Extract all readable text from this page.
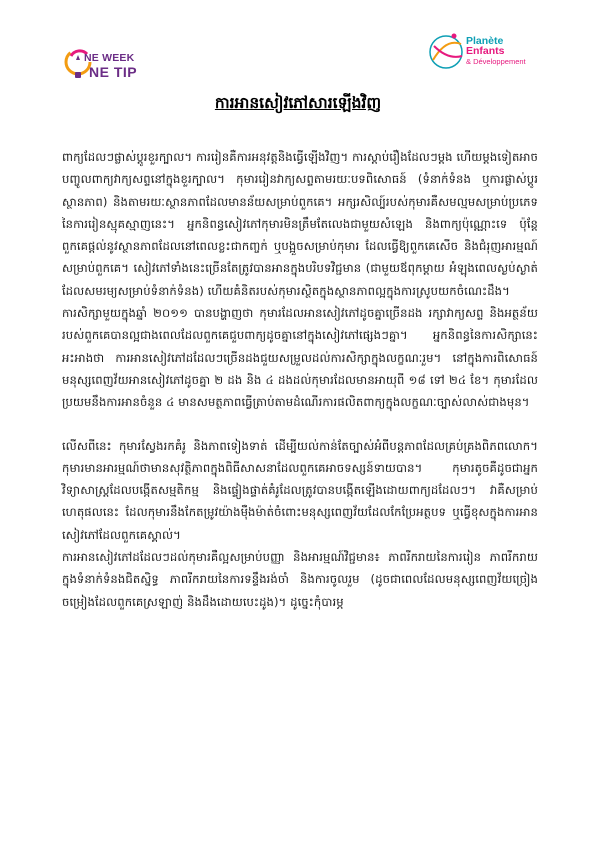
NE WEEK
NE TIP
Planète
Enfants
& Développement
ការអានសៀវភៅសារឡើងវិញ

ពាក្យដែលៗផ្លាស់ប្ដូរខួរក្បាល។ ការរៀនគឺការអនុវត្តនិងធ្វើឡើងវិញ។ ការស្ដាប់រឿងដែលៗម្ដង ហើយម្ដងទៀតអាចបញ្ចូលពាក្យវាក្យសព្ទនៅក្នុងខួរក្បាល។ កុមាររៀនវាក្យសព្ទតាមរយៈបទពិសោធន៍ (ទំនាក់ទំនង ឬការផ្លាស់ប្ដូរស្ថានភាព) និងតាមរយៈស្ថានភាពដែលមានន័យសម្រាប់ពួកគេ។ អក្សរសិល្ប៍របស់កុមារគឺសមល្មមសម្រាប់ប្រភេទនៃការរៀនស្មុគស្មាញនេះ។ អ្នកនិពន្ធសៀវភៅកុមារមិនត្រឹមតែលេងជាមួយសំឡេង និងពាក្យប៉ុណ្ណោះទេ ប៉ុន្តែពួកគេផ្ដល់នូវស្ថានភាពដែលនៅពេលខ្លះជាកញ្ចក់ ឬបង្អួចសម្រាប់កុមារ ដែលធ្វើឱ្យពួកគេសើច និងជំរុញអារម្មណ៍សម្រាប់ពួកគេ។ សៀវភៅទាំងនេះច្រើនតែត្រូវបានអានក្នុងបរិបទវិជ្ជមាន (ជាមួយឪពុកម្ដាយ អំឡុងពេលស្ងប់ស្ងាត់ដែលសមរម្យសម្រាប់ទំនាក់ទំនង) ហើយគំនិតរបស់កុមារស្ថិតក្នុងស្ថានភាពល្អក្នុងការស្រូបយកចំណេះដឹង។

ការសិក្សាមួយក្នុងឆ្នាំ ២០១១ បានបង្ហាញថា កុមារដែលអានសៀវភៅដូចគ្នាច្រើនដង រក្សាវាក្យសព្ទ និងអត្ថន័យរបស់ពួកគេបានល្អជាងពេលដែលពួកគេជួបពាក្យដូចគ្នានៅក្នុងសៀវភៅផ្សេងៗគ្នា។ អ្នកនិពន្ធនៃការសិក្សានេះអះអាងថា ការអានសៀវភៅដដែលៗច្រើនដងជួយសម្រួលដល់ការសិក្សាក្នុងលក្ខណៈរួម។ នៅក្នុងការពិសោធន៍ មនុស្សពេញវ័យអានសៀវភៅដូចគ្នា ២ ដង និង ៤ ដងដល់កុមារដែលមានអាយុពី ១៨ ទៅ ២៤ ខែ។ កុមារដែលប្រយមនឹងការអានចំនួន ៤ មានសមត្ថភាពធ្វើត្រាប់តាមដំណើរការផលិតពាក្យក្នុងលក្ខណៈច្បាស់លាស់ជាងមុន។

លើសពីនេះ កុមារស្វែងរកគំរូ និងភាពទៀងទាត់ ដើម្បីយល់កាន់តែច្បាស់អំពីបន្តភាពដែលគ្រប់គ្រងពិភពលោក។ កុមារមានអារម្មណ៍ថាមានសុវត្ថិភាពក្នុងពិធីសាសនាដែលពួកគេអាចទស្សន៍ទាយបាន។ កុមារតូចគឺដូចជាអ្នកវិទ្យាសាស្ត្រដែលបង្កើតសម្មតិកម្ម និងផ្ទៀងផ្ទាត់គំរូដែលត្រូវបានបង្កើតឡើងដោយពាក្យដដែលៗ។ វាគឺសម្រាប់ហេតុផលនេះ ដែលកុមារនឹងកែតម្រូវយ៉ាងម៉ឺងម៉ាត់ចំពោះមនុស្សពេញវ័យដែលកែប្រែអត្ថបទ ឬធ្វើខុសក្នុងការអានសៀវភៅដែលពួកគេស្គាល់។

ការអានសៀវភៅដដែលៗដល់កុមារគឺល្អសម្រាប់បញ្ញា និងអារម្មណ៍វិជ្ជមាន៖ ភាពរីករាយនៃការរៀន ភាពរីករាយក្នុងទំនាក់ទំនងជិតស្និទ្ធ ភាពរីករាយនៃការទន្ទឹងរង់ចាំ និងការចូលរួម (ដូចជាពេលដែលមនុស្សពេញវ័យច្រៀងចម្រៀងដែលពួកគេស្រឡាញ់ និងដឹងដោយបេះដូង)។ ដូច្នេះកុំបារម្ភ
